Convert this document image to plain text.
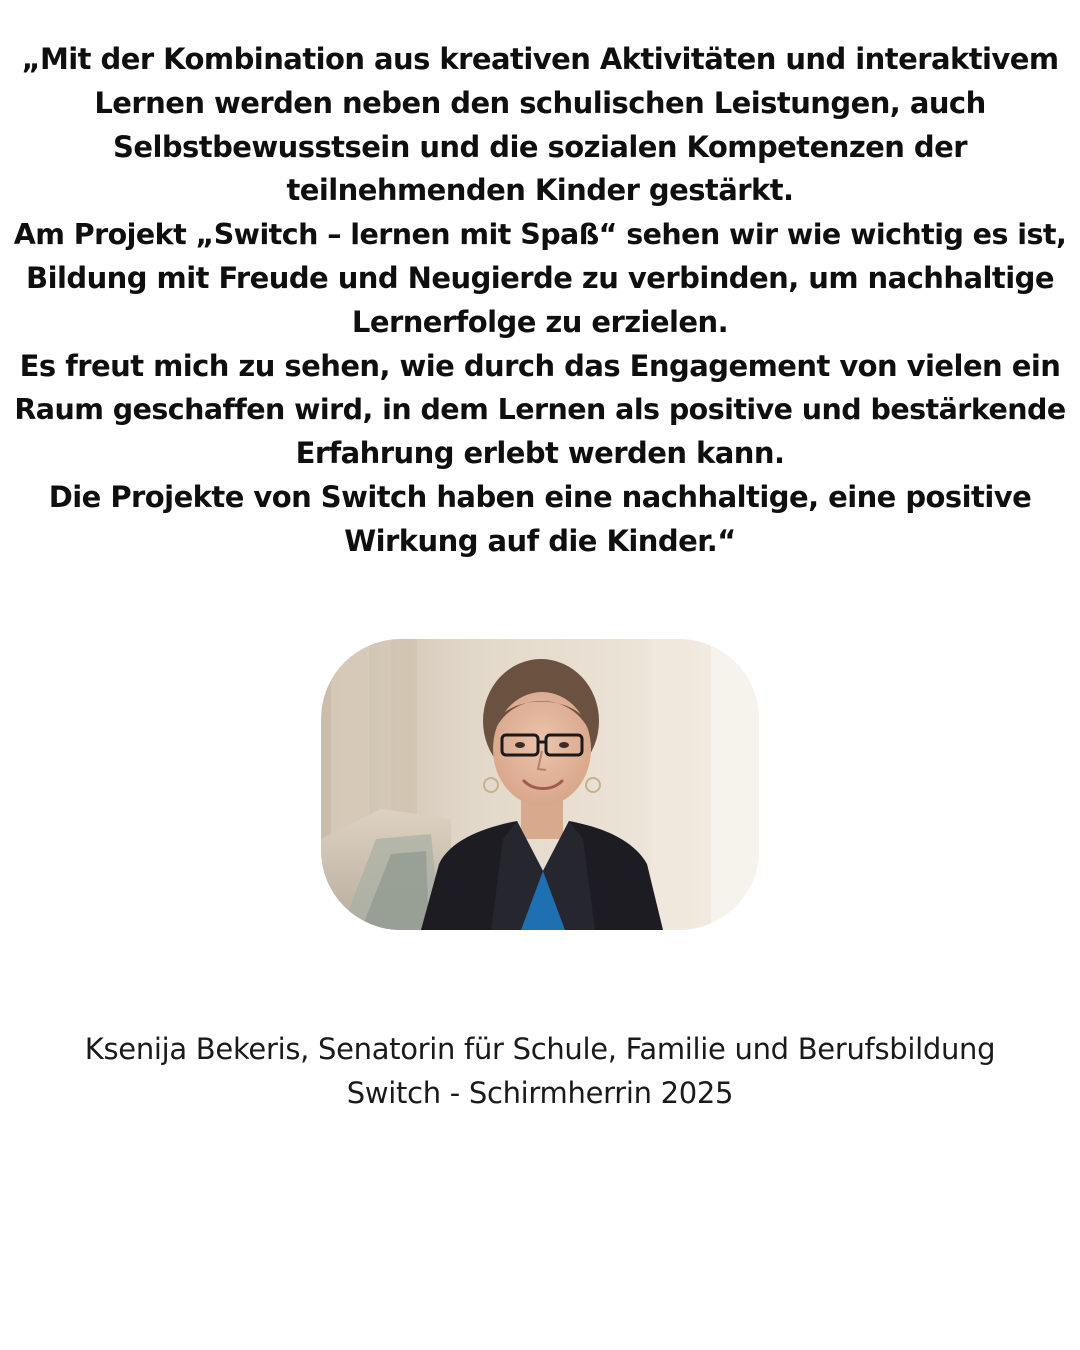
„Mit der Kombination aus kreativen Aktivitäten und interaktivem
Lernen werden neben den schulischen Leistungen, auch
Selbstbewusstsein und die sozialen Kompetenzen der
teilnehmenden Kinder gestärkt.
Am Projekt „Switch – lernen mit Spaß“ sehen wir wie wichtig es ist,
Bildung mit Freude und Neugierde zu verbinden, um nachhaltige
Lernerfolge zu erzielen.
Es freut mich zu sehen, wie durch das Engagement von vielen ein
Raum geschaffen wird, in dem Lernen als positive und bestärkende
Erfahrung erlebt werden kann.
Die Projekte von Switch haben eine nachhaltige, eine positive
Wirkung auf die Kinder.“
Ksenija Bekeris, Senatorin für Schule, Familie und Berufsbildung
Switch - Schirmherrin 2025
